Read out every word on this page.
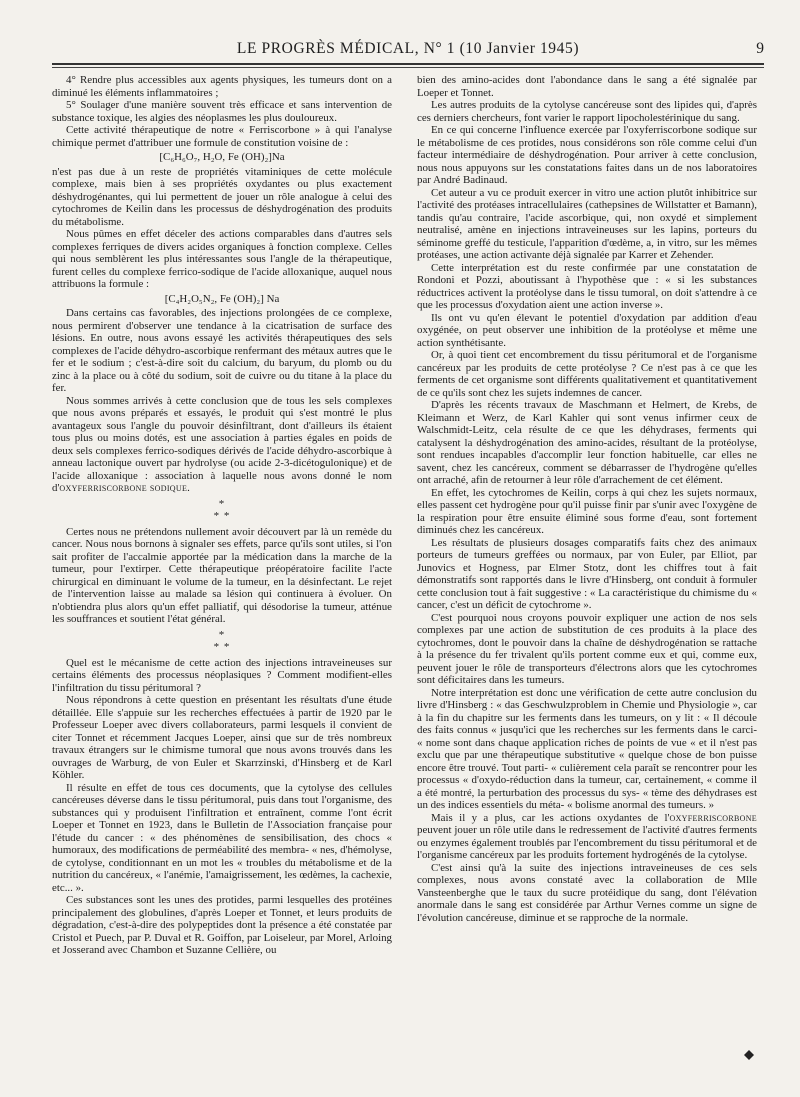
LE PROGRÈS MÉDICAL, N° 1 (10 Janvier 1945)	9

4° Rendre plus accessibles aux agents physiques, les tumeurs dont on a diminué les éléments inflammatoires ;

5° Soulager d'une manière souvent très efficace et sans intervention de substance toxique, les algies des néoplasmes les plus douloureux.

Cette activité thérapeutique de notre « Ferriscorbone » à qui l'analyse chimique permet d'attribuer une formule de constitution voisine de :

[C₆H₆O₇, H₂O, Fe (OH)₂]Na

n'est pas due à un reste de propriétés vitaminiques de cette molécule complexe, mais bien à ses propriétés oxydantes ou plus exactement déshydrogénantes, qui lui permettent de jouer un rôle analogue à celui des cytochromes de Keilin dans les processus de déshydrogénation des produits du métabolisme.

Nous pûmes en effet déceler des actions comparables dans d'autres sels complexes ferriques de divers acides organiques à fonction complexe. Celles qui nous semblèrent les plus intéressantes sous l'angle de la thérapeutique, furent celles du complexe ferrico-sodique de l'acide alloxanique, auquel nous attribuons la formule :

[C₄H₂O₅N₂, Fe (OH)₂] Na

Dans certains cas favorables, des injections prolongées de ce complexe, nous permirent d'observer une tendance à la cicatrisation de surface des lésions. En outre, nous avons essayé les activités thérapeutiques des sels complexes de l'acide déhydro-ascorbique renfermant des métaux autres que le fer et le sodium ; c'est-à-dire soit du calcium, du baryum, du plomb ou du zinc à la place ou à côté du sodium, soit de cuivre ou du titane à la place du fer.

Nous sommes arrivés à cette conclusion que de tous les sels complexes que nous avons préparés et essayés, le produit qui s'est montré le plus avantageux sous l'angle du pouvoir désinfiltrant, dont d'ailleurs ils étaient tous plus ou moins dotés, est une association à parties égales en poids de deux sels complexes ferrico-sodiques dérivés de l'acide déhydro-ascorbique à anneau lactonique ouvert par hydrolyse (ou acide 2-3-dicétogulonique) et de l'acide alloxanique : association à laquelle nous avons donné le nom d'oxyferriscorbone sodique.

*
* *

Certes nous ne prétendons nullement avoir découvert par là un remède du cancer. Nous nous bornons à signaler ses effets, parce qu'ils sont utiles, si l'on sait profiter de l'accalmie apportée par la médication dans la marche de la tumeur, pour l'extirper. Cette thérapeutique préopératoire facilite l'acte chirurgical en diminuant le volume de la tumeur, en la désinfectant. Le rejet de l'intervention laisse au malade sa lésion qui continuera à évoluer. On n'obtiendra plus alors qu'un effet palliatif, qui désodorise la tumeur, atténue les souffrances et soutient l'état général.

*
* *

Quel est le mécanisme de cette action des injections intraveineuses sur certains éléments des processus néoplasiques ? Comment modifient-elles l'infiltration du tissu péritumoral ?

Nous répondrons à cette question en présentant les résultats d'une étude détaillée. Elle s'appuie sur les recherches effectuées à partir de 1920 par le Professeur Loeper avec divers collaborateurs, parmi lesquels il convient de citer Tonnet et récemment Jacques Loeper, ainsi que sur de très nombreux travaux étrangers sur le chimisme tumoral que nous avons trouvés dans les ouvrages de Warburg, de von Euler et Skarrzinski, d'Hinsberg et de Karl Köhler.

Il résulte en effet de tous ces documents, que la cytolyse des cellules cancéreuses déverse dans le tissu péritumoral, puis dans tout l'organisme, des substances qui y produisent l'infiltration et entraînent, comme l'ont écrit Loeper et Tonnet en 1923, dans le Bulletin de l'Association française pour l'étude du cancer : « des phénomènes de sensibilisation, des chocs « humoraux, des modifications de perméabilité des membra- « nes, d'hémolyse, de cytolyse, conditionnant en un mot les « troubles du métabolisme et de la nutrition du cancéreux, « l'anémie, l'amaigrissement, les œdèmes, la cachexie, etc... ».

Ces substances sont les unes des protides, parmi lesquelles des protéines principalement des globulines, d'après Loeper et Tonnet, et leurs produits de dégradation, c'est-à-dire des polypeptides dont la présence a été constatée par Cristol et Puech, par P. Duval et R. Goiffon, par Loiseleur, par Morel, Arloing et Josserand avec Chambon et Suzanne Cellière, ou

bien des amino-acides dont l'abondance dans le sang a été signalée par Loeper et Tonnet.

Les autres produits de la cytolyse cancéreuse sont des lipides qui, d'après ces derniers chercheurs, font varier le rapport lipocholestérinique du sang.

En ce qui concerne l'influence exercée par l'oxyferriscorbone sodique sur le métabolisme de ces protides, nous considérons son rôle comme celui d'un facteur intermédiaire de déshydrogénation. Pour arriver à cette conclusion, nous nous appuyons sur les constatations faites dans un de nos laboratoires par André Badinaud.

Cet auteur a vu ce produit exercer in vitro une action plutôt inhibitrice sur l'activité des protéases intracellulaires (cathepsines de Willstatter et Bamann), tandis qu'au contraire, l'acide ascorbique, qui, non oxydé et simplement neutralisé, amène en injections intraveineuses sur les lapins, porteurs du séminome greffé du testicule, l'apparition d'œdème, a, in vitro, sur les mêmes protéases, une action activante déjà signalée par Karrer et Zehender.

Cette interprétation est du reste confirmée par une constatation de Rondoni et Pozzi, aboutissant à l'hypothèse que : « si les substances réductrices activent la protéolyse dans le tissu tumoral, on doit s'attendre à ce que les processus d'oxydation aient une action inverse ».

Ils ont vu qu'en élevant le potentiel d'oxydation par addition d'eau oxygénée, on peut observer une inhibition de la protéolyse et même une action synthétisante.

Or, à quoi tient cet encombrement du tissu péritumoral et de l'organisme cancéreux par les produits de cette protéolyse ? Ce n'est pas à ce que les ferments de cet organisme sont différents qualitativement et quantitativement de ce qu'ils sont chez les sujets indemnes de cancer.

D'après les récents travaux de Maschmann et Helmert, de Krebs, de Kleimann et Werz, de Karl Kahler qui sont venus infirmer ceux de Walschmidt-Leitz, cela résulte de ce que les déhydrases, ferments qui catalysent la déshydrogénation des amino-acides, résultant de la protéolyse, sont rendues incapables d'accomplir leur fonction habituelle, car elles ne savent, chez les cancéreux, comment se débarrasser de l'hydrogène qu'elles ont arraché, afin de retourner à leur rôle d'arrachement de cet élément.

En effet, les cytochromes de Keilin, corps à qui chez les sujets normaux, elles passent cet hydrogène pour qu'il puisse finir par s'unir avec l'oxygène de la respiration pour être ensuite éliminé sous forme d'eau, sont fortement diminués chez les cancéreux.

Les résultats de plusieurs dosages comparatifs faits chez des animaux porteurs de tumeurs greffées ou normaux, par von Euler, par Elliot, par Junovics et Hogness, par Elmer Stotz, dont les chiffres tout à fait démonstratifs sont rapportés dans le livre d'Hinsberg, ont conduit à formuler cette conclusion tout à fait suggestive : « La caractéristique du chimisme du « cancer, c'est un déficit de cytochrome ».

C'est pourquoi nous croyons pouvoir expliquer une action de nos sels complexes par une action de substitution de ces produits à la place des cytochromes, dont le pouvoir dans la chaîne de déshydrogénation se rattache à la présence du fer trivalent qu'ils portent comme eux et qui, comme eux, peuvent jouer le rôle de transporteurs d'électrons alors que les cytochromes sont déficitaires dans les tumeurs.

Notre interprétation est donc une vérification de cette autre conclusion du livre d'Hinsberg : « das Geschwulzproblem in Chemie und Physiologie », car à la fin du chapitre sur les ferments dans les tumeurs, on y lit : « Il découle des faits connus « jusqu'ici que les recherches sur les ferments dans le carci- « nome sont dans chaque application riches de points de vue « et il n'est pas exclu que par une thérapeutique substitutive « quelque chose de bon puisse encore être trouvé. Tout parti- « culièrement cela paraît se rencontrer pour les processus « d'oxydo-réduction dans la tumeur, car, certainement, « comme il a été montré, la perturbation des processus du sys- « tème des déhydrases est un des indices essentiels du méta- « bolisme anormal des tumeurs. »

Mais il y a plus, car les actions oxydantes de l'oxyferriscorbone peuvent jouer un rôle utile dans le redressement de l'activité d'autres ferments ou enzymes également troublés par l'encombrement du tissu péritumoral et de l'organisme cancéreux par les produits fortement hydrogénés de la cytolyse.

C'est ainsi qu'à la suite des injections intraveineuses de ces sels complexes, nous avons constaté avec la collaboration de Mlle Vansteenberghe que le taux du sucre protéidique du sang, dont l'élévation anormale dans le sang est considérée par Arthur Vernes comme un signe de l'évolution cancéreuse, diminue et se rapproche de la normale.
